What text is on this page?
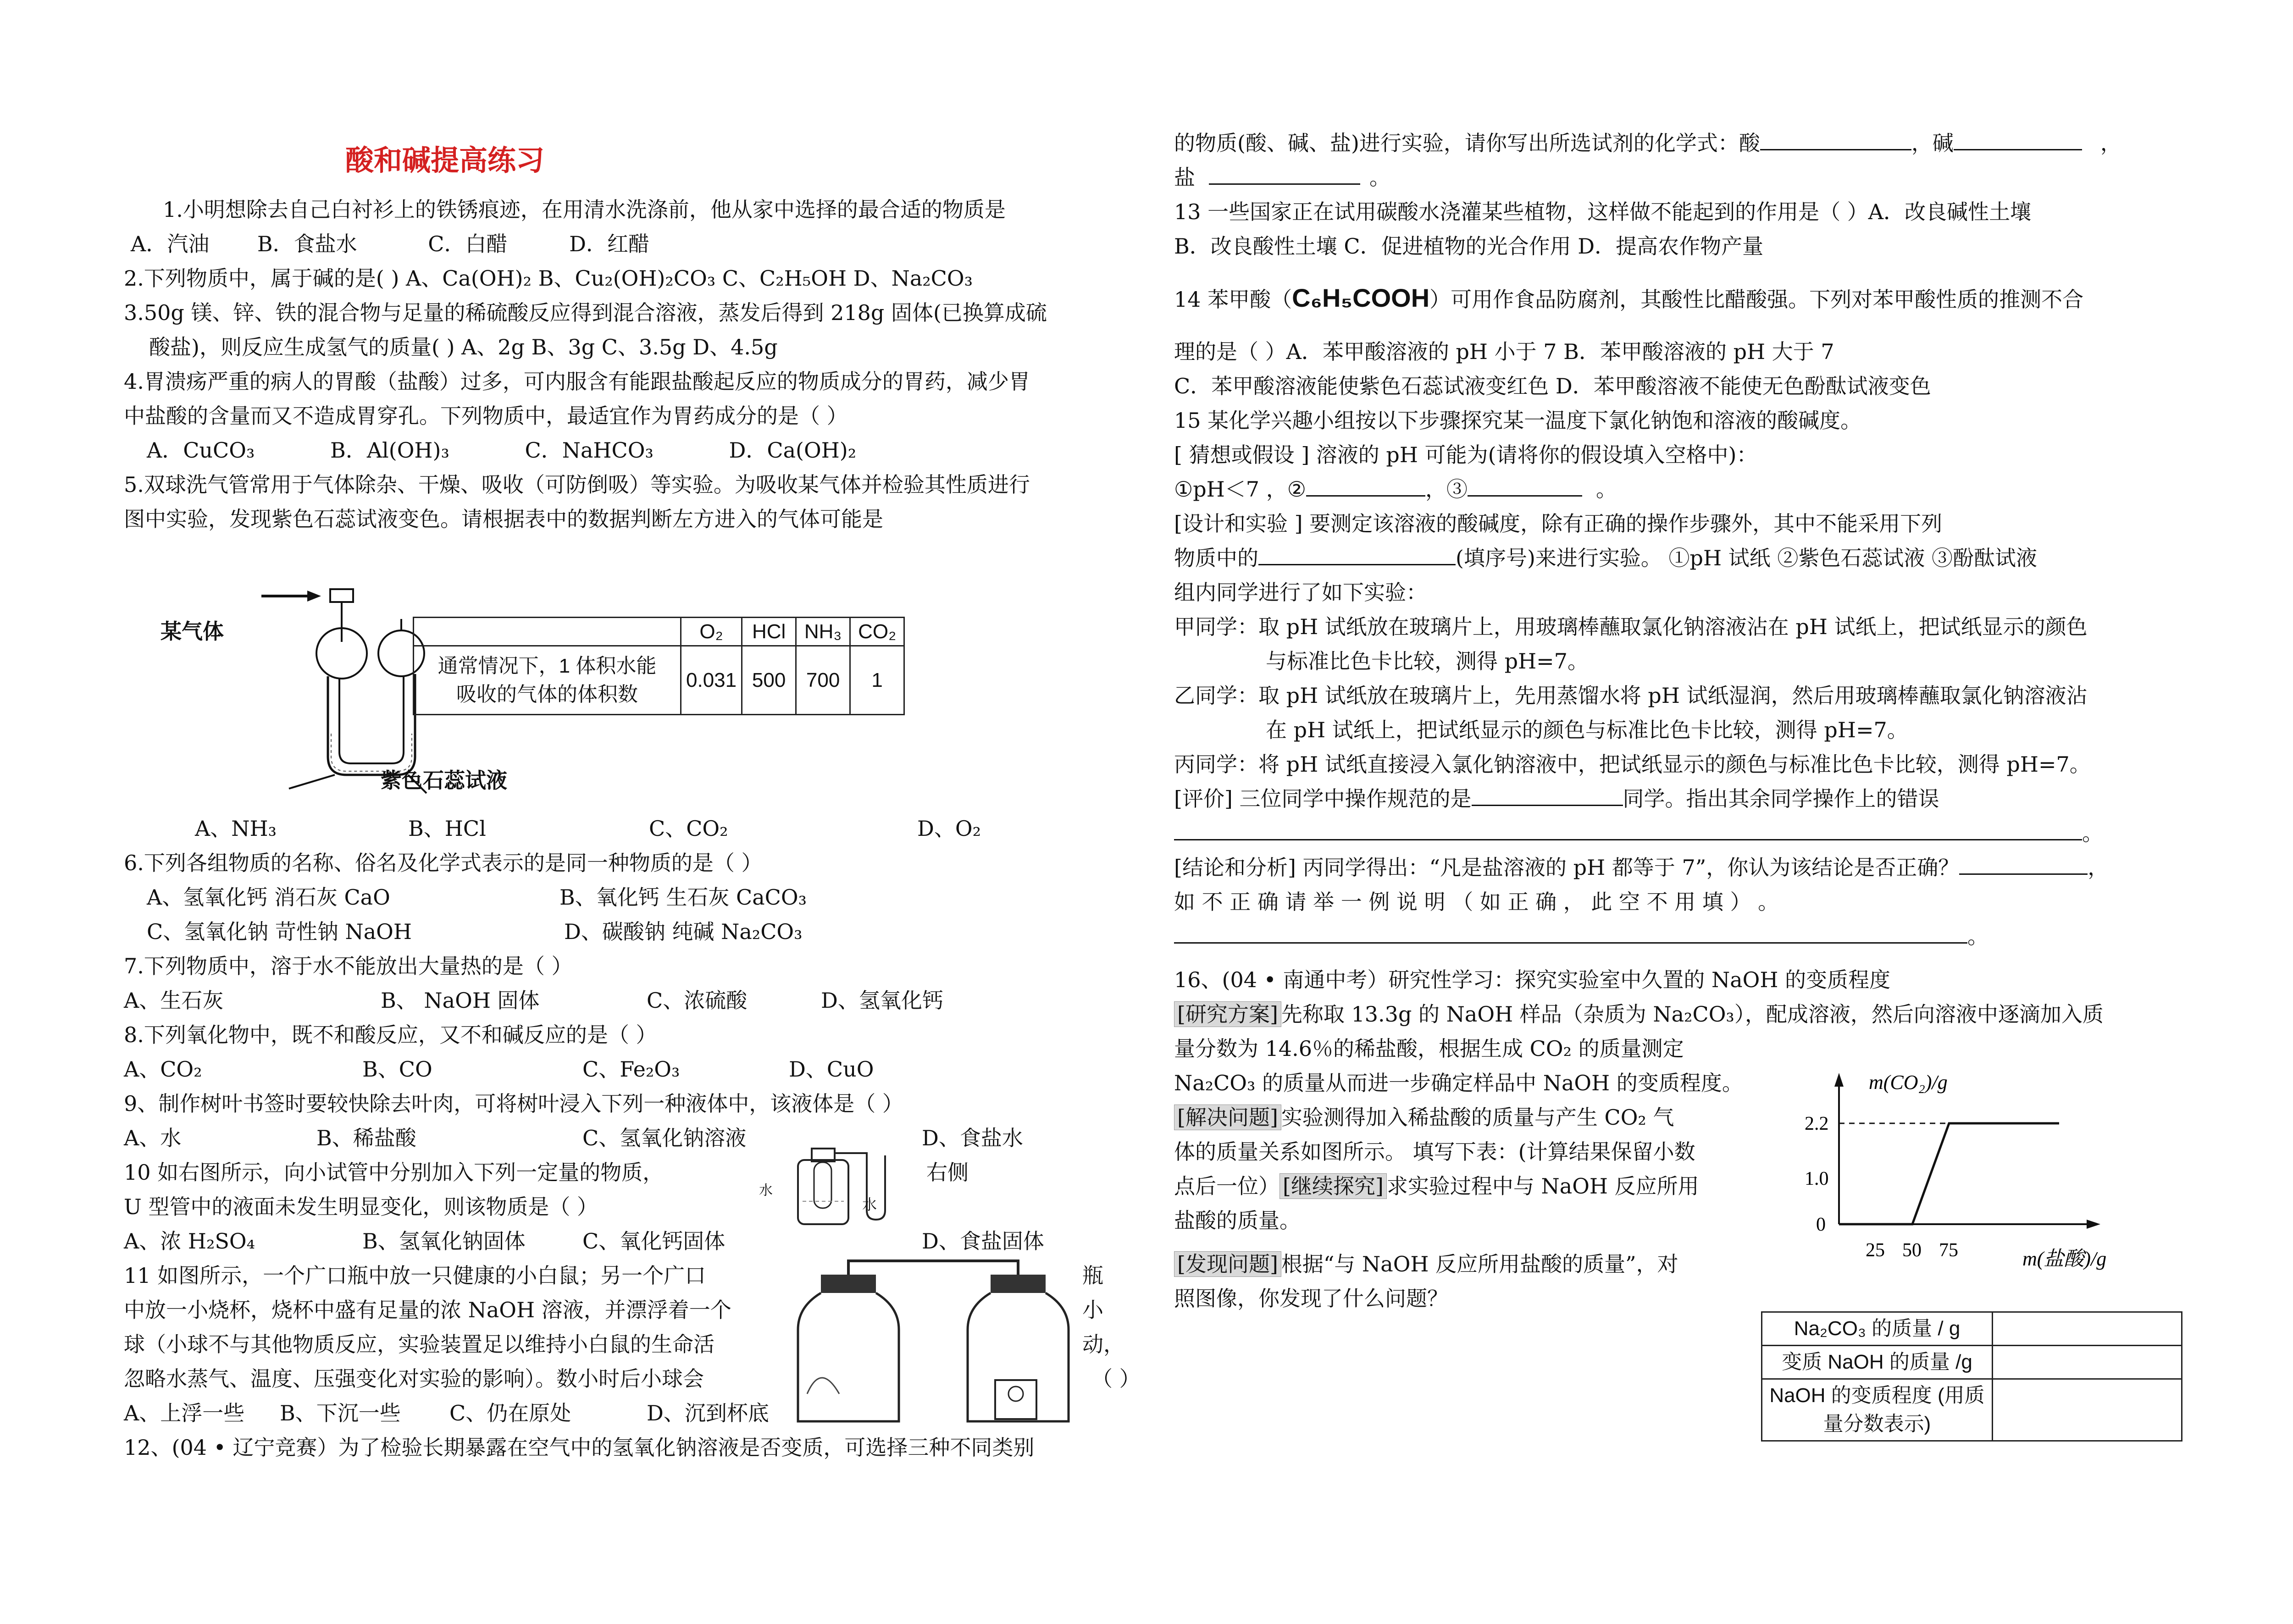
酸和碱提高练习
1.小明想除去自己白衬衫上的铁锈痕迹，在用清水洗涤前，他从家中选择的最合适的物质是
A．汽油 B．食盐水	C．白醋	D．红醋
2.下列物质中，属于碱的是( ) A、Ca(OH)₂ B、Cu₂(OH)₂CO₃ C、C₂H₅OH D、Na₂CO₃
3.50g 镁、锌、铁的混合物与足量的稀硫酸反应得到混合溶液，蒸发后得到 218g 固体(已换算成硫
酸盐)，则反应生成氢气的质量( ) A、2g B、3g C、3.5g D、4.5g
4.胃溃疡严重的病人的胃酸（盐酸）过多，可内服含有能跟盐酸起反应的物质成分的胃药，减少胃
中盐酸的含量而又不造成胃穿孔。下列物质中，最适宜作为胃药成分的是（ ）
A．CuCO₃	B．Al(OH)₃	C．NaHCO₃	D．Ca(OH)₂
5.双球洗气管常用于气体除杂、干燥、吸收（可防倒吸）等实验。为吸收某气体并检验其性质进行
图中实验，发现紫色石蕊试液变色。请根据表中的数据判断左方进入的气体可能是
某气体
紫色石蕊试液
	O₂	HCl	NH₃	CO₂
通常情况下，1 体积水能吸收的气体的体积数	0.031	500	700	1
A、NH₃	B、HCl	C、CO₂	D、O₂
6.下列各组物质的名称、俗名及化学式表示的是同一种物质的是（ ）
A、氢氧化钙 消石灰 CaO	B、氧化钙 生石灰 CaCO₃
C、氢氧化钠 苛性钠 NaOH	D、碳酸钠 纯碱 Na₂CO₃
7.下列物质中，溶于水不能放出大量热的是（ ）
A、生石灰	B、 NaOH 固体	C、浓硫酸	D、氢氧化钙
8.下列氧化物中，既不和酸反应，又不和碱反应的是（ ）
A、CO₂	B、CO	C、Fe₂O₃	D、CuO
9、制作树叶书签时要较快除去叶肉，可将树叶浸入下列一种液体中，该液体是（ ）
A、水	B、稀盐酸	C、氢氧化钠溶液	D、食盐水
10 如右图所示，向小试管中分别加入下列一定量的物质，	右侧
U 型管中的液面未发生明显变化，则该物质是（ ）
A、浓 H₂SO₄	B、氢氧化钠固体	C、氧化钙固体	D、食盐固体
水
水
11 如图所示，一个广口瓶中放一只健康的小白鼠；另一个广口	瓶
中放一小烧杯，烧杯中盛有足量的浓 NaOH 溶液，并漂浮着一个	小
球（小球不与其他物质反应，实验装置足以维持小白鼠的生命活	动，
忽略水蒸气、温度、压强变化对实验的影响）。数小时后小球会	（ ）
A、上浮一些 B、下沉一些 C、仍在原处	D、沉到杯底
12、(04 • 辽宁竞赛）为了检验长期暴露在空气中的氢氧化钠溶液是否变质，可选择三种不同类别
的物质(酸、碱、盐)进行实验，请你写出所选试剂的化学式：酸	，碱	，
盐	。
13 一些国家正在试用碳酸水浇灌某些植物，这样做不能起到的作用是（ ）A．改良碱性土壤
B．改良酸性土壤 C．促进植物的光合作用 D．提高农作物产量
14 苯甲酸（C₆H₅COOH）可用作食品防腐剂，其酸性比醋酸强。下列对苯甲酸性质的推测不合
理的是（ ）A．苯甲酸溶液的 pH 小于 7 B．苯甲酸溶液的 pH 大于 7
C．苯甲酸溶液能使紫色石蕊试液变红色 D．苯甲酸溶液不能使无色酚酞试液变色
15 某化学兴趣小组按以下步骤探究某一温度下氯化钠饱和溶液的酸碱度。
[ 猜想或假设 ] 溶液的 pH 可能为(请将你的假设填入空格中)：
①pH＜7 ，②	，③	。
[设计和实验 ] 要测定该溶液的酸碱度，除有正确的操作步骤外，其中不能采用下列
物质中的	(填序号)来进行实验。 ①pH 试纸 ②紫色石蕊试液 ③酚酞试液
组内同学进行了如下实验：
甲同学：取 pH 试纸放在玻璃片上，用玻璃棒蘸取氯化钠溶液沾在 pH 试纸上，把试纸显示的颜色
与标准比色卡比较，测得 pH=7。
乙同学：取 pH 试纸放在玻璃片上，先用蒸馏水将 pH 试纸湿润，然后用玻璃棒蘸取氯化钠溶液沾
在 pH 试纸上，把试纸显示的颜色与标准比色卡比较，测得 pH=7。
丙同学：将 pH 试纸直接浸入氯化钠溶液中，把试纸显示的颜色与标准比色卡比较，测得 pH=7。
[评价] 三位同学中操作规范的是	同学。指出其余同学操作上的错误
。
[结论和分析] 丙同学得出：“凡是盐溶液的 pH 都等于 7”，你认为该结论是否正确？	，
如 不 正 确 请 举 一 例 说 明 （ 如 正 确 ， 此 空 不 用 填 ） 。
。
16、(04 • 南通中考）研究性学习：探究实验室中久置的 NaOH 的变质程度
[研究方案] 先称取 13.3g 的 NaOH 样品（杂质为 Na₂CO₃），配成溶液，然后向溶液中逐滴加入质
量分数为 14.6％的稀盐酸，根据生成 CO₂ 的质量测定
Na₂CO₃ 的质量从而进一步确定样品中 NaOH 的变质程度。
[解决问题] 实验测得加入稀盐酸的质量与产生 CO₂ 气
体的质量关系如图所示。 填写下表：(计算结果保留小数
点后一位） [继续探究] 求实验过程中与 NaOH 反应所用
盐酸的质量。
[发现问题] 根据“与 NaOH 反应所用盐酸的质量”，对
照图像，你发现了什么问题？
m(CO₂)/g
m(盐酸)/g
0
1.0
2.2
25 50 75
Na₂CO₃ 的质量 / g	
变质 NaOH 的质量 /g	
NaOH 的变质程度 (用质量分数表示)	
